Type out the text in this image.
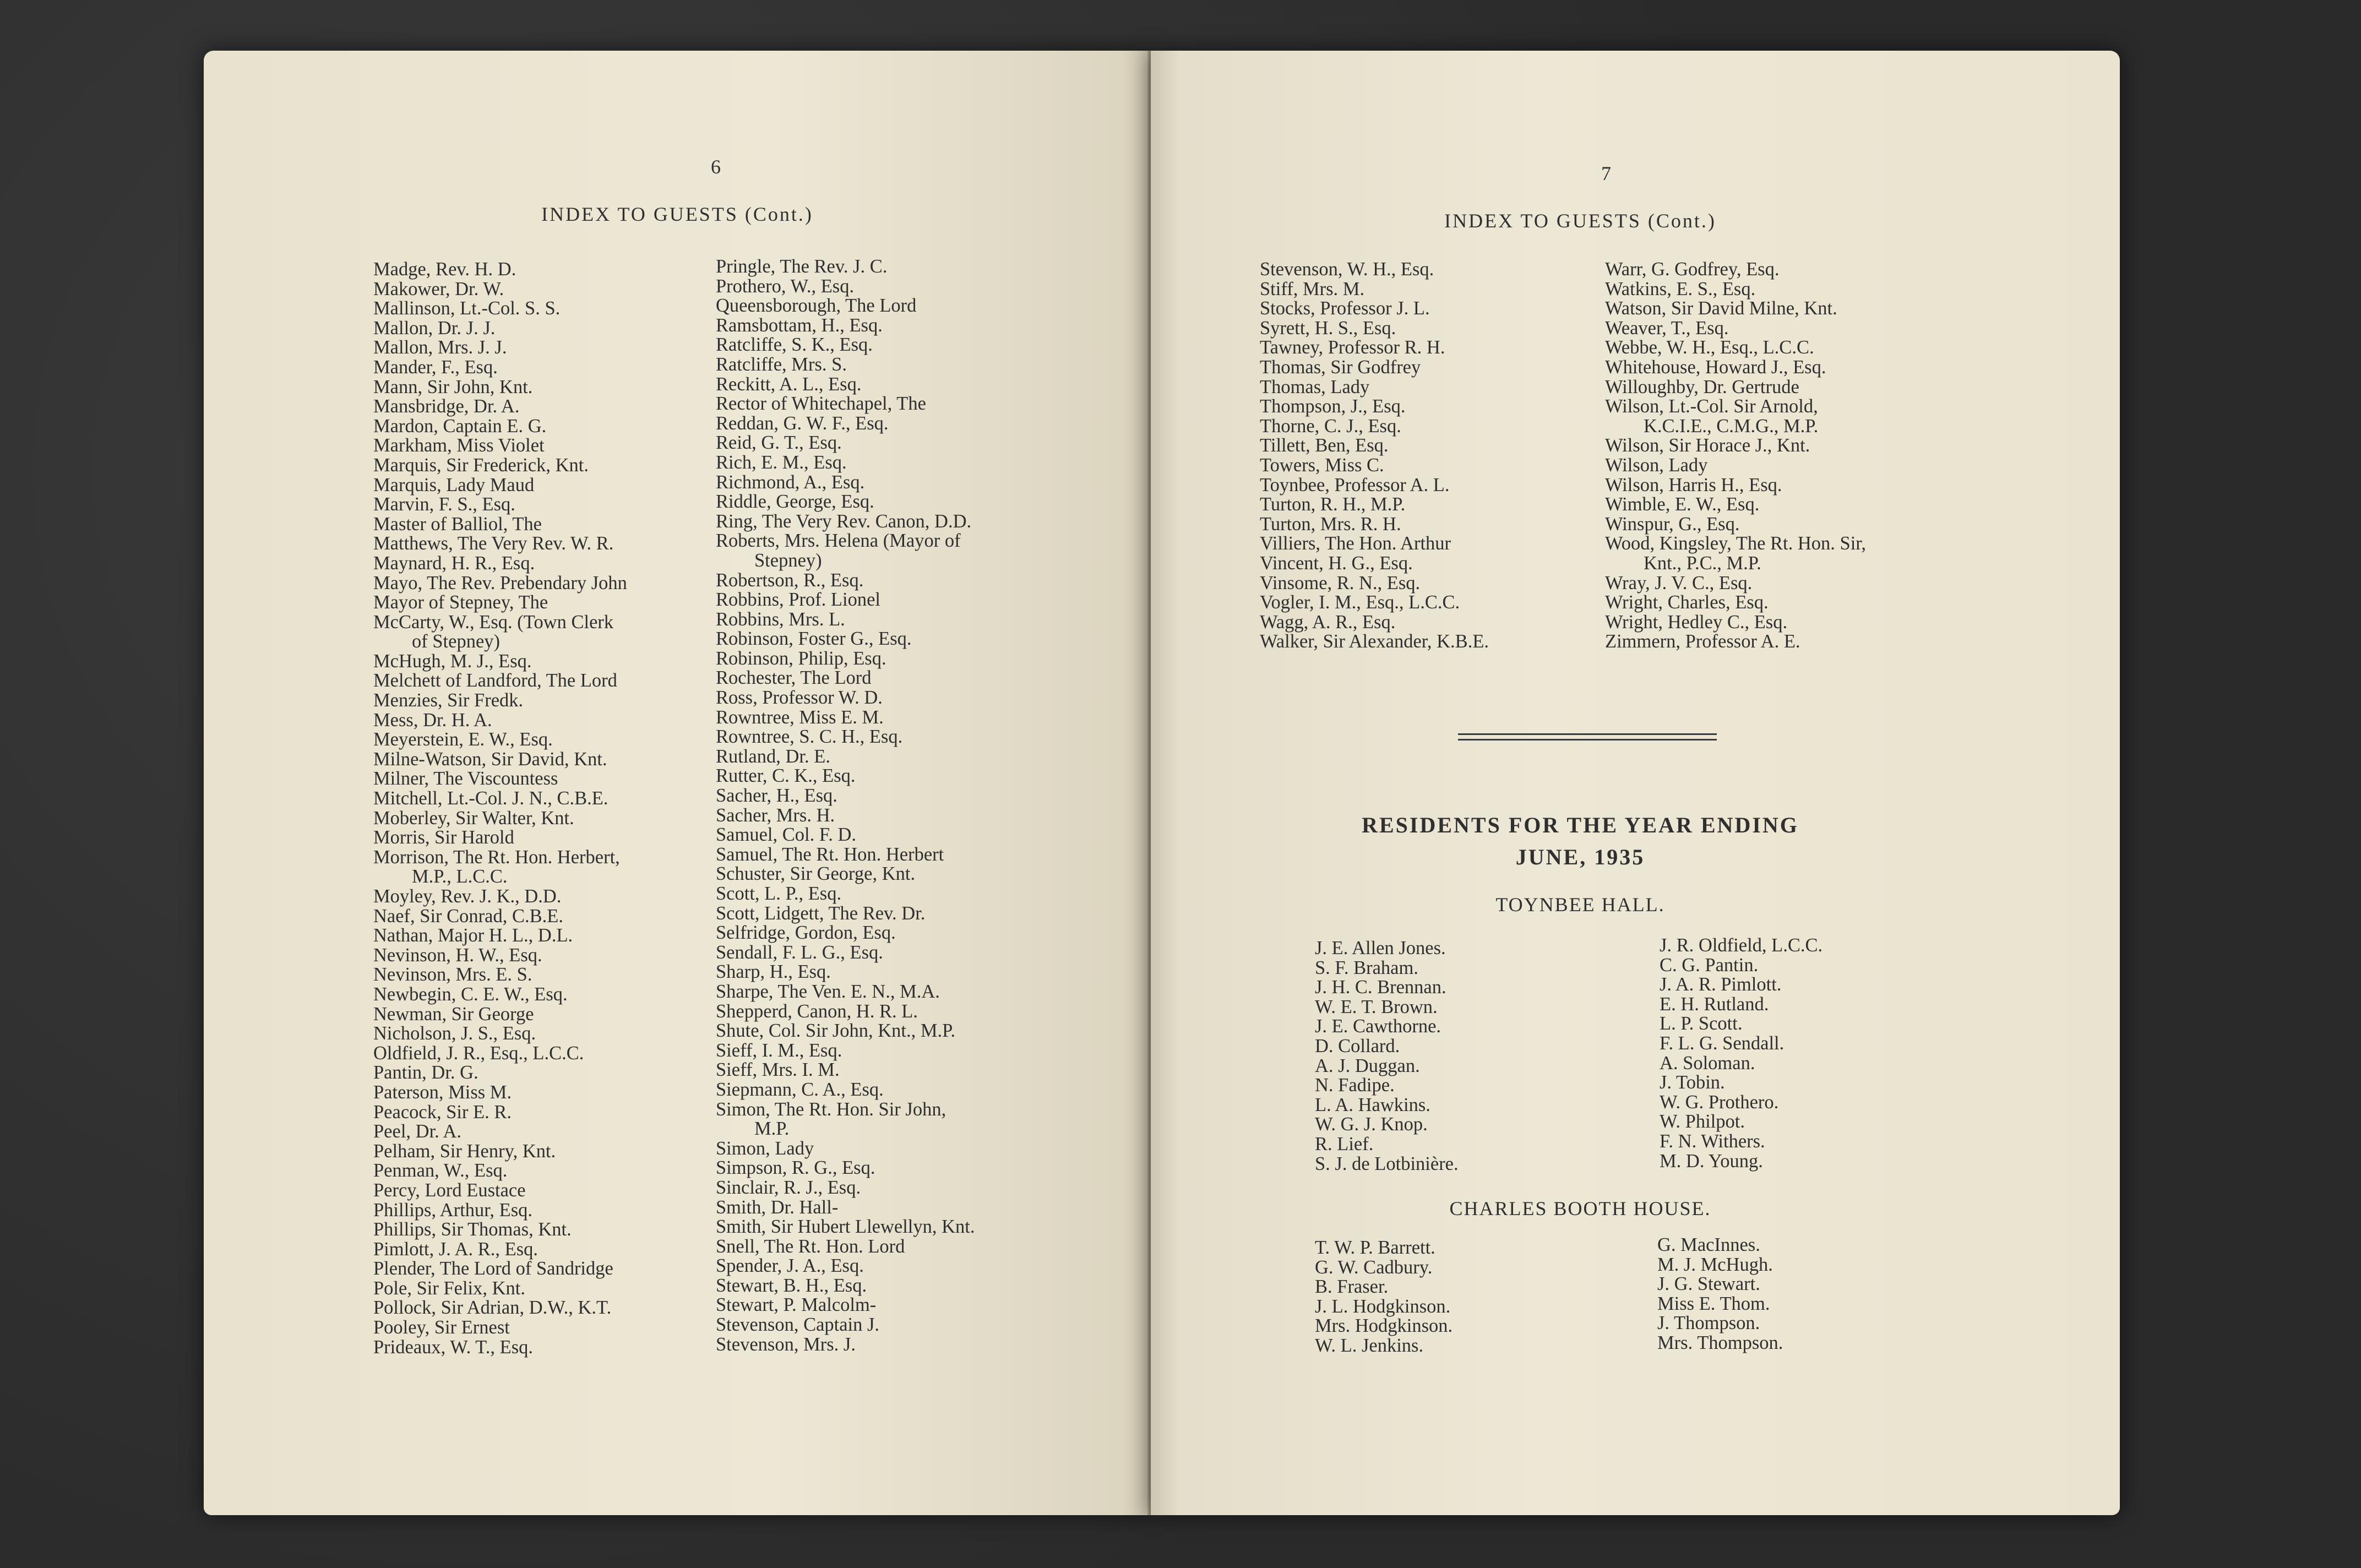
6
INDEX TO GUESTS (Cont.)
Madge, Rev. H. D.
Makower, Dr. W.
Mallinson, Lt.-Col. S. S.
Mallon, Dr. J. J.
Mallon, Mrs. J. J.
Mander, F., Esq.
Mann, Sir John, Knt.
Mansbridge, Dr. A.
Mardon, Captain E. G.
Markham, Miss Violet
Marquis, Sir Frederick, Knt.
Marquis, Lady Maud
Marvin, F. S., Esq.
Master of Balliol, The
Matthews, The Very Rev. W. R.
Maynard, H. R., Esq.
Mayo, The Rev. Prebendary John
Mayor of Stepney, The
McCarty, W., Esq. (Town Clerk
of Stepney)
McHugh, M. J., Esq.
Melchett of Landford, The Lord
Menzies, Sir Fredk.
Mess, Dr. H. A.
Meyerstein, E. W., Esq.
Milne-Watson, Sir David, Knt.
Milner, The Viscountess
Mitchell, Lt.-Col. J. N., C.B.E.
Moberley, Sir Walter, Knt.
Morris, Sir Harold
Morrison, The Rt. Hon. Herbert,
M.P., L.C.C.
Moyley, Rev. J. K., D.D.
Naef, Sir Conrad, C.B.E.
Nathan, Major H. L., D.L.
Nevinson, H. W., Esq.
Nevinson, Mrs. E. S.
Newbegin, C. E. W., Esq.
Newman, Sir George
Nicholson, J. S., Esq.
Oldfield, J. R., Esq., L.C.C.
Pantin, Dr. G.
Paterson, Miss M.
Peacock, Sir E. R.
Peel, Dr. A.
Pelham, Sir Henry, Knt.
Penman, W., Esq.
Percy, Lord Eustace
Phillips, Arthur, Esq.
Phillips, Sir Thomas, Knt.
Pimlott, J. A. R., Esq.
Plender, The Lord of Sandridge
Pole, Sir Felix, Knt.
Pollock, Sir Adrian, D.W., K.T.
Pooley, Sir Ernest
Prideaux, W. T., Esq.
Pringle, The Rev. J. C.
Prothero, W., Esq.
Queensborough, The Lord
Ramsbottam, H., Esq.
Ratcliffe, S. K., Esq.
Ratcliffe, Mrs. S.
Reckitt, A. L., Esq.
Rector of Whitechapel, The
Reddan, G. W. F., Esq.
Reid, G. T., Esq.
Rich, E. M., Esq.
Richmond, A., Esq.
Riddle, George, Esq.
Ring, The Very Rev. Canon, D.D.
Roberts, Mrs. Helena (Mayor of
Stepney)
Robertson, R., Esq.
Robbins, Prof. Lionel
Robbins, Mrs. L.
Robinson, Foster G., Esq.
Robinson, Philip, Esq.
Rochester, The Lord
Ross, Professor W. D.
Rowntree, Miss E. M.
Rowntree, S. C. H., Esq.
Rutland, Dr. E.
Rutter, C. K., Esq.
Sacher, H., Esq.
Sacher, Mrs. H.
Samuel, Col. F. D.
Samuel, The Rt. Hon. Herbert
Schuster, Sir George, Knt.
Scott, L. P., Esq.
Scott, Lidgett, The Rev. Dr.
Selfridge, Gordon, Esq.
Sendall, F. L. G., Esq.
Sharp, H., Esq.
Sharpe, The Ven. E. N., M.A.
Shepperd, Canon, H. R. L.
Shute, Col. Sir John, Knt., M.P.
Sieff, I. M., Esq.
Sieff, Mrs. I. M.
Siepmann, C. A., Esq.
Simon, The Rt. Hon. Sir John,
M.P.
Simon, Lady
Simpson, R. G., Esq.
Sinclair, R. J., Esq.
Smith, Dr. Hall-
Smith, Sir Hubert Llewellyn, Knt.
Snell, The Rt. Hon. Lord
Spender, J. A., Esq.
Stewart, B. H., Esq.
Stewart, P. Malcolm-
Stevenson, Captain J.
Stevenson, Mrs. J.
7
INDEX TO GUESTS (Cont.)
Stevenson, W. H., Esq.
Stiff, Mrs. M.
Stocks, Professor J. L.
Syrett, H. S., Esq.
Tawney, Professor R. H.
Thomas, Sir Godfrey
Thomas, Lady
Thompson, J., Esq.
Thorne, C. J., Esq.
Tillett, Ben, Esq.
Towers, Miss C.
Toynbee, Professor A. L.
Turton, R. H., M.P.
Turton, Mrs. R. H.
Villiers, The Hon. Arthur
Vincent, H. G., Esq.
Vinsome, R. N., Esq.
Vogler, I. M., Esq., L.C.C.
Wagg, A. R., Esq.
Walker, Sir Alexander, K.B.E.
Warr, G. Godfrey, Esq.
Watkins, E. S., Esq.
Watson, Sir David Milne, Knt.
Weaver, T., Esq.
Webbe, W. H., Esq., L.C.C.
Whitehouse, Howard J., Esq.
Willoughby, Dr. Gertrude
Wilson, Lt.-Col. Sir Arnold,
K.C.I.E., C.M.G., M.P.
Wilson, Sir Horace J., Knt.
Wilson, Lady
Wilson, Harris H., Esq.
Wimble, E. W., Esq.
Winspur, G., Esq.
Wood, Kingsley, The Rt. Hon. Sir,
Knt., P.C., M.P.
Wray, J. V. C., Esq.
Wright, Charles, Esq.
Wright, Hedley C., Esq.
Zimmern, Professor A. E.
RESIDENTS FOR THE YEAR ENDING
JUNE, 1935
TOYNBEE HALL.
J. E. Allen Jones.
S. F. Braham.
J. H. C. Brennan.
W. E. T. Brown.
J. E. Cawthorne.
D. Collard.
A. J. Duggan.
N. Fadipe.
L. A. Hawkins.
W. G. J. Knop.
R. Lief.
S. J. de Lotbinière.
J. R. Oldfield, L.C.C.
C. G. Pantin.
J. A. R. Pimlott.
E. H. Rutland.
L. P. Scott.
F. L. G. Sendall.
A. Soloman.
J. Tobin.
W. G. Prothero.
W. Philpot.
F. N. Withers.
M. D. Young.
CHARLES BOOTH HOUSE.
T. W. P. Barrett.
G. W. Cadbury.
B. Fraser.
J. L. Hodgkinson.
Mrs. Hodgkinson.
W. L. Jenkins.
G. MacInnes.
M. J. McHugh.
J. G. Stewart.
Miss E. Thom.
J. Thompson.
Mrs. Thompson.
